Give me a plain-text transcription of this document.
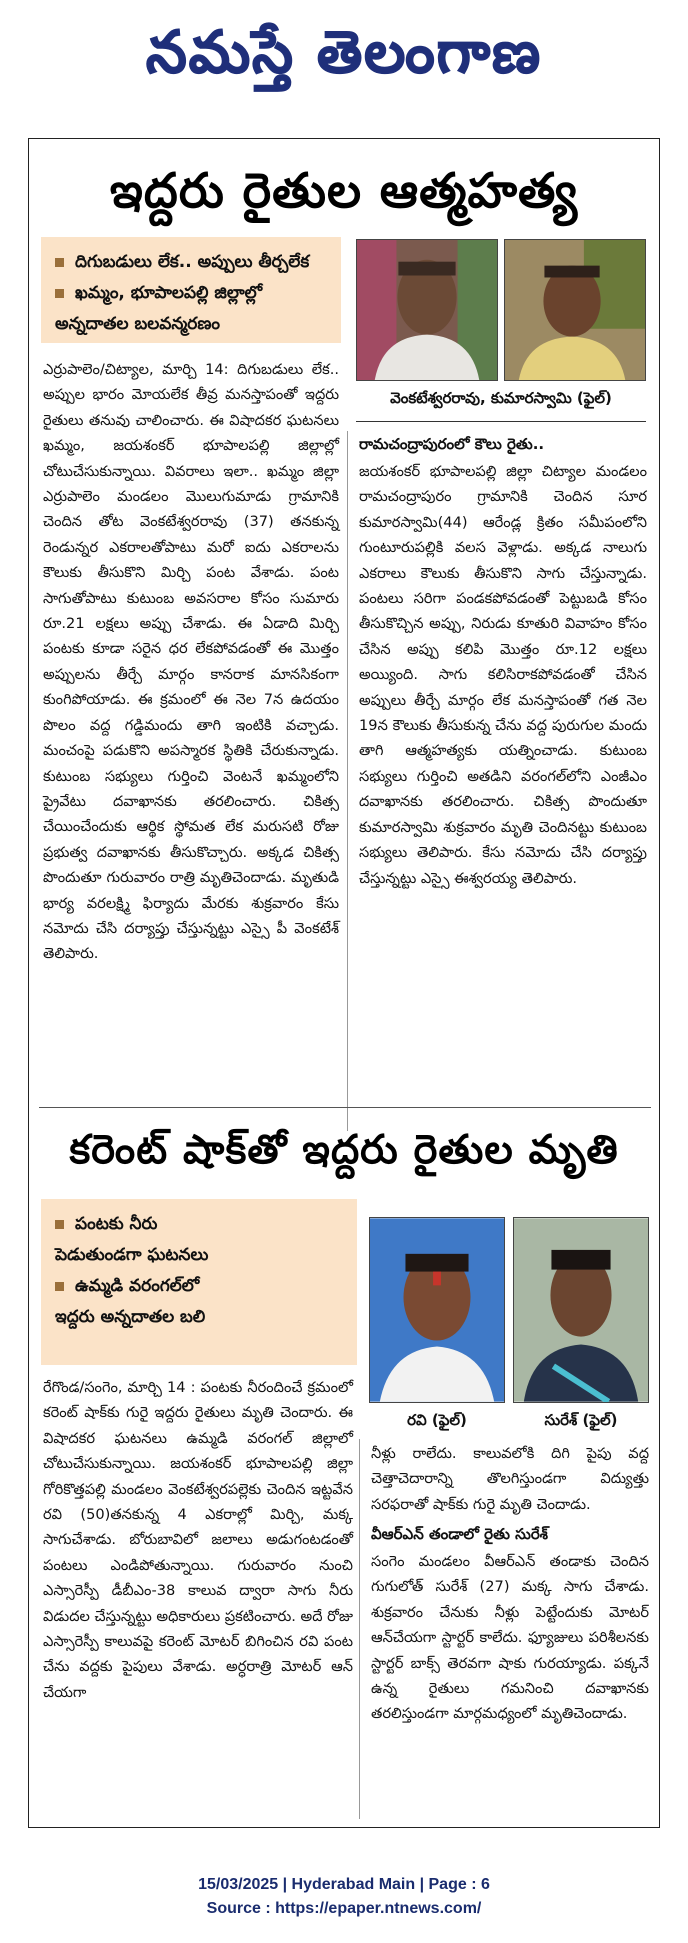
నమస్తే తెలంగాణ
ఇద్దరు రైతుల ఆత్మహత్య
దిగుబడులు లేక.. అప్పులు తీర్చలేక
ఖమ్మం, భూపాలపల్లి జిల్లాల్లో
అన్నదాతల బలవన్మరణం
వెంకటేశ్వరరావు, కుమారస్వామి (ఫైల్)

ఎర్రుపాలెం/చిట్యాల, మార్చి 14: దిగుబడులు లేక.. అప్పుల భారం మోయలేక తీవ్ర మనస్తాపంతో ఇద్దరు రైతులు తనువు చాలించారు. ఈ విషాదకర ఘటనలు ఖమ్మం, జయశంకర్ భూపాలపల్లి జిల్లాల్లో చోటుచేసుకున్నాయి. వివరాలు ఇలా.. ఖమ్మం జిల్లా ఎర్రుపాలెం మండలం మొలుగుమాడు గ్రామానికి చెందిన తోట వెంకటేశ్వరరావు (37) తనకున్న రెండున్నర ఎకరాలతోపాటు మరో ఐదు ఎకరాలను కౌలుకు తీసుకొని మిర్చి పంట వేశాడు. పంట సాగుతోపాటు కుటుంబ అవసరాల కోసం సుమారు రూ.21 లక్షలు అప్పు చేశాడు. ఈ ఏడాది మిర్చి పంటకు కూడా సరైన ధర లేకపోవడంతో ఈ మొత్తం అప్పులను తీర్చే మార్గం కానరాక మానసికంగా కుంగిపోయాడు. ఈ క్రమంలో ఈ నెల 7న ఉదయం పొలం వద్ద గడ్డిమందు తాగి ఇంటికి వచ్చాడు. మంచంపై పడుకొని అపస్మారక స్థితికి చేరుకున్నాడు. కుటుంబ సభ్యులు గుర్తించి వెంటనే ఖమ్మంలోని ప్రైవేటు దవాఖానకు తరలించారు. చికిత్స చేయించేందుకు ఆర్థిక స్థోమత లేక మరుసటి రోజు ప్రభుత్వ దవాఖానకు తీసుకొచ్చారు. అక్కడ చికిత్స పొందుతూ గురువారం రాత్రి మృతిచెందాడు. మృతుడి భార్య వరలక్ష్మి ఫిర్యాదు మేరకు శుక్రవారం కేసు నమోదు చేసి దర్యాప్తు చేస్తున్నట్టు ఎస్సై పీ వెంకటేశ్ తెలిపారు.

రామచంద్రాపురంలో కౌలు రైతు..

జయశంకర్ భూపాలపల్లి జిల్లా చిట్యాల మండలం రామచంద్రాపురం గ్రామానికి చెందిన సూర కుమారస్వామి(44) ఆరేండ్ల క్రితం సమీపంలోని గుంటూరుపల్లికి వలస వెళ్లాడు. అక్కడ నాలుగు ఎకరాలు కౌలుకు తీసుకొని సాగు చేస్తున్నాడు. పంటలు సరిగా పండకపోవడంతో పెట్టుబడి కోసం తీసుకొచ్చిన అప్పు, నిరుడు కూతురి వివాహం కోసం చేసిన అప్పు కలిపి మొత్తం రూ.12 లక్షలు అయ్యింది. సాగు కలిసిరాకపోవడంతో చేసిన అప్పులు తీర్చే మార్గం లేక మనస్తాపంతో గత నెల 19న కౌలుకు తీసుకున్న చేను వద్ద పురుగుల మందు తాగి ఆత్మహత్యకు యత్నించాడు. కుటుంబ సభ్యులు గుర్తించి అతడిని వరంగల్‌లోని ఎంజీఎం దవాఖానకు తరలించారు. చికిత్స పొందుతూ కుమారస్వామి శుక్రవారం మృతి చెందినట్టు కుటుంబ సభ్యులు తెలిపారు. కేసు నమోదు చేసి దర్యాప్తు చేస్తున్నట్టు ఎస్సై ఈశ్వరయ్య తెలిపారు.

కరెంట్ షాక్‌తో ఇద్దరు రైతుల మృతి
పంటకు నీరు
పెడుతుండగా ఘటనలు
ఉమ్మడి వరంగల్‌లో
ఇద్దరు అన్నదాతల బలి
రవి (ఫైల్)	సురేశ్ (ఫైల్)

రేగొండ/సంగెం, మార్చి 14 : పంటకు నీరందించే క్రమంలో కరెంట్ షాక్‌కు గురై ఇద్దరు రైతులు మృతి చెందారు. ఈ విషాదకర ఘటనలు ఉమ్మడి వరంగల్ జిల్లాలో చోటుచేసుకున్నాయి. జయశంకర్ భూపాలపల్లి జిల్లా గోరికొత్తపల్లి మండలం వెంకటేశ్వరపల్లెకు చెందిన ఇట్టవేన రవి (50)తనకున్న 4 ఎకరాల్లో మిర్చి, మక్క సాగుచేశాడు. బోరుబావిలో జలాలు అడుగంటడంతో పంటలు ఎండిపోతున్నాయి. గురువారం నుంచి ఎస్సారెస్పీ డీబీఎం-38 కాలువ ద్వారా సాగు నీరు విడుదల చేస్తున్నట్టు అధికారులు ప్రకటించారు. అదే రోజు ఎస్సారెస్పీ కాలువపై కరెంట్ మోటర్ బిగించిన రవి పంట చేను వద్దకు పైపులు వేశాడు. అర్ధరాత్రి మోటర్ ఆన్ చేయగా

నీళ్లు రాలేదు. కాలువలోకి దిగి పైపు వద్ద చెత్తాచెదారాన్ని తొలగిస్తుండగా విద్యుత్తు సరఫరాతో షాక్‌కు గురై మృతి చెందాడు.

వీఆర్‌ఎన్ తండాలో రైతు సురేశ్

సంగెం మండలం వీఆర్‌ఎన్ తండాకు చెందిన గుగులోత్ సురేశ్ (27) మక్క సాగు చేశాడు. శుక్రవారం చేనుకు నీళ్లు పెట్టేందుకు మోటర్ ఆన్‌చేయగా స్టార్టర్ కాలేదు. ఫ్యూజులు పరిశీలనకు స్టార్టర్ బాక్స్ తెరవగా షాకు గురయ్యాడు. పక్కనే ఉన్న రైతులు గమనించి దవాఖానకు తరలిస్తుండగా మార్గమధ్యంలో మృతిచెందాడు.

15/03/2025 | Hyderabad Main | Page : 6
Source : https://epaper.ntnews.com/
